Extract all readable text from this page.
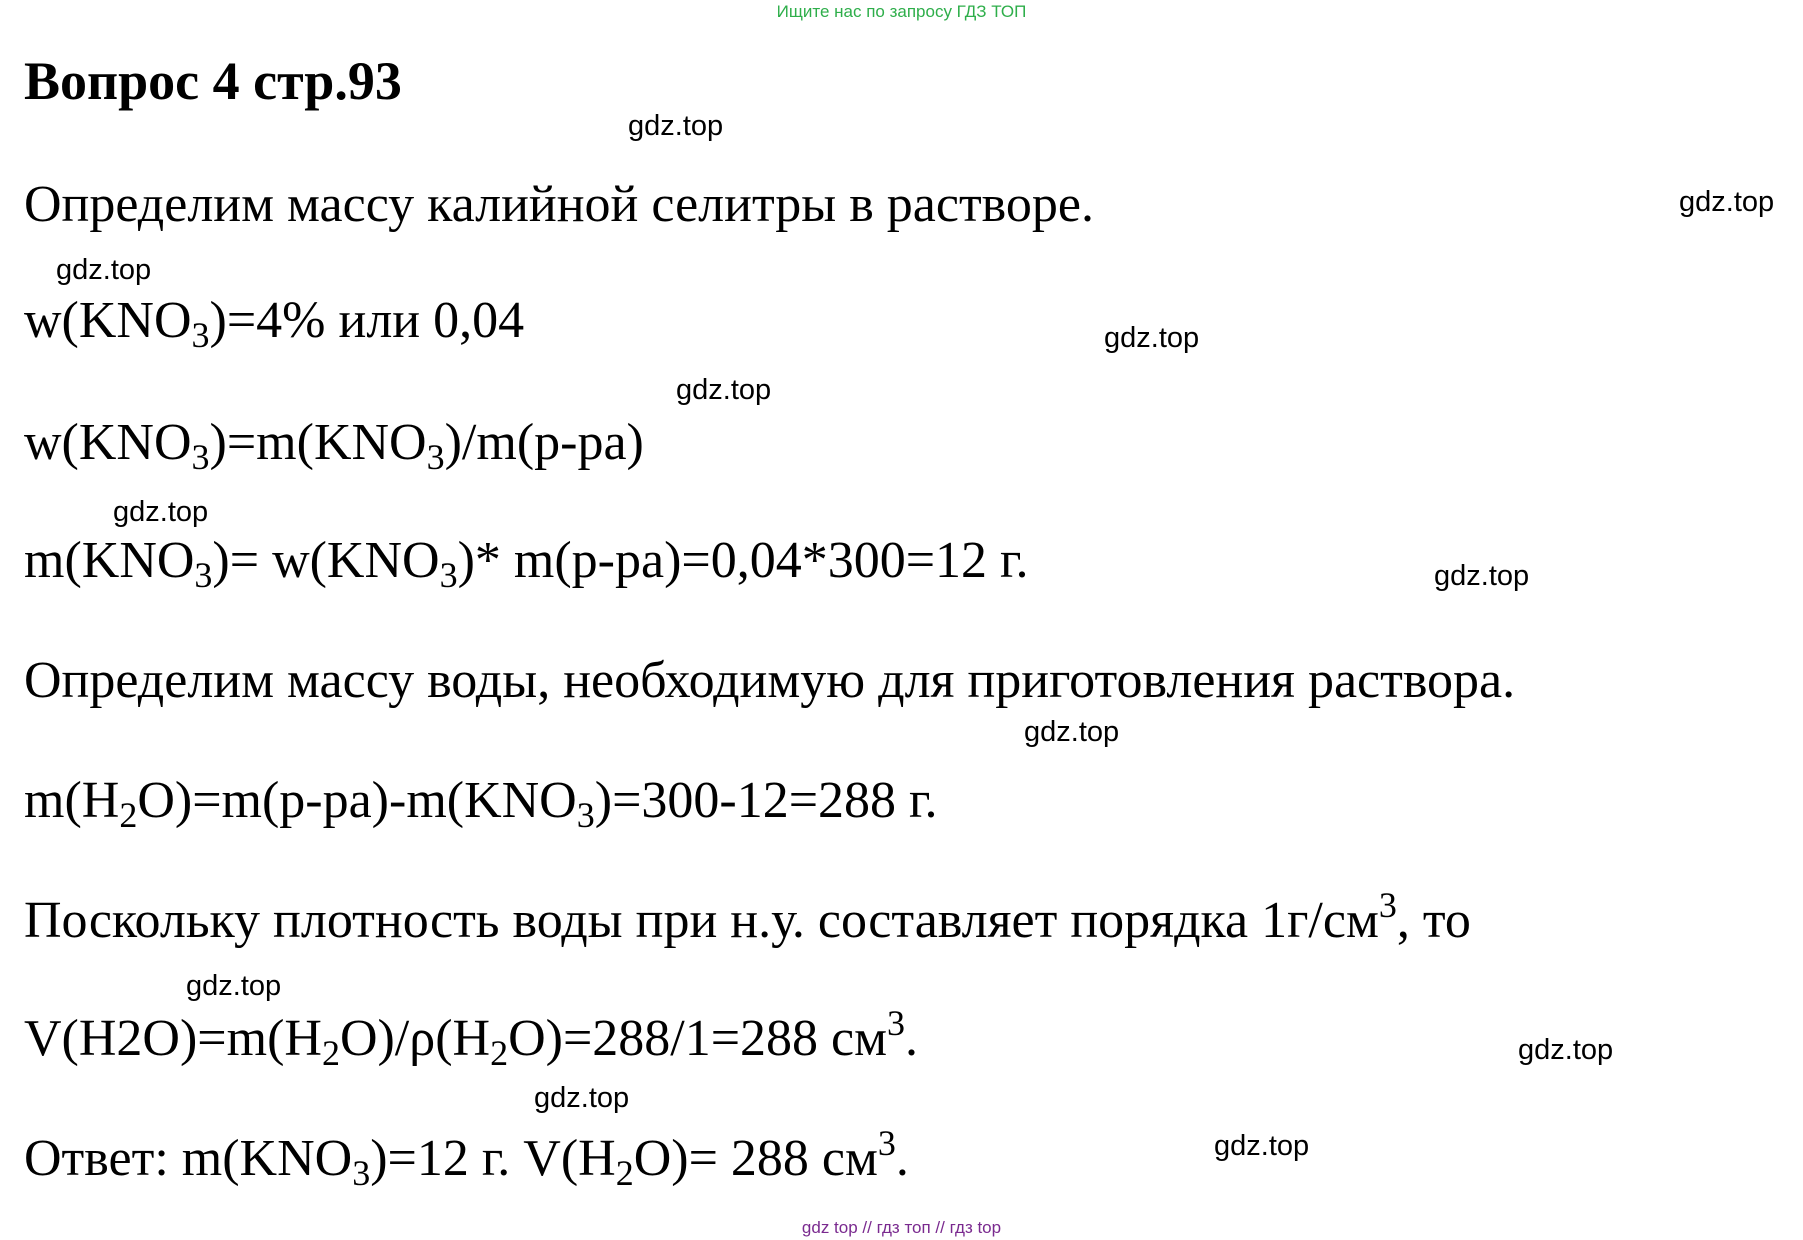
Ищите нас по запросу ГДЗ ТОП
Вопрос 4 стр.93
Определим массу калийной селитры в растворе.
$w(KNO_3)=4\%$ или 0,04
$w(KNO_3)=m(KNO_3)/m(р-ра)$
$m(KNO_3)= w(KNO_3)*$ m(р-ра)=0,04*300=12 г.
Определим массу воды, необходимую для приготовления раствора.
$m(H_2O)=m(р-ра)-m(KNO_3)=300-12=288$ г.
Поскольку плотность воды при н.у. составляет порядка $1г/см^3$, то
$V(H2O)=m(H_2O)/\rho(H_2O)=288/1=288$ $см^3$.
Ответ: $m(KNO_3)=12$ г. $V(H_2O)= 288$ $см^3$.
gdz.top
gdz.top
gdz.top
gdz.top
gdz.top
gdz.top
gdz.top
gdz.top
gdz.top
gdz.top
gdz.top
gdz.top
gdz top // гдз топ // гдз top
